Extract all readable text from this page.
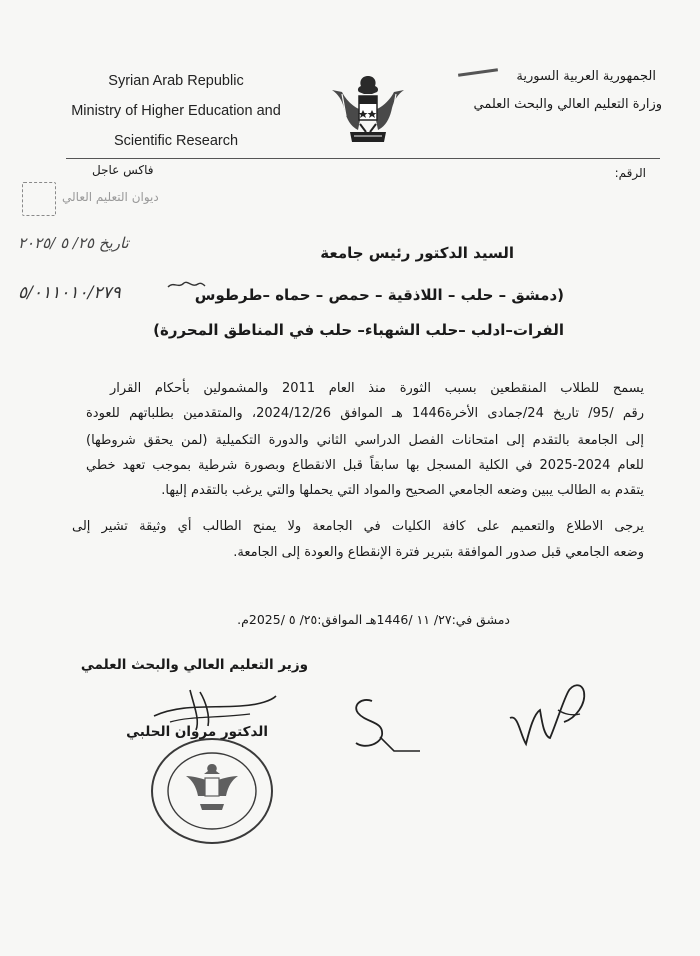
Syrian Arab Republic
Ministry of Higher Education and
Scientific Research
الجمهورية العربية السورية
وزارة التعليم العالي والبحث العلمي
الرقم:
فاكس عاجل
ديوان التعليم العالي
تاريخ ٢٥/ ٥ /٢٠٢٥
٥/٠١١٠١٠/٢٧٩
السيد الدكتور رئيس جامعة
(دمشق – حلب – اللاذقية – حمص – حماه –طرطوس
الفرات–ادلب –حلب الشهباء– حلب في المناطق المحررة)
يسمح للطلاب المنقطعين بسبب الثورة منذ العام 2011 والمشمولين بأحكام القرار
رقم /95/ تاريخ 24/جمادى الأخرة1446 هـ الموافق 2024/12/26، والمتقدمين بطلباتهم للعودة
إلى الجامعة بالتقدم إلى امتحانات الفصل الدراسي الثاني والدورة التكميلية (لمن يحقق شروطها)
للعام 2024-2025 في الكلية المسجل بها سابقاً قبل الانقطاع وبصورة شرطية بموجب تعهد خطي
يتقدم به الطالب يبين وضعه الجامعي الصحيح والمواد التي يحملها والتي يرغب بالتقدم إليها.
يرجى الاطلاع والتعميم على كافة الكليات في الجامعة ولا يمنح الطالب أي وثيقة تشير إلى
وضعه الجامعي قبل صدور الموافقة بتبرير فترة الإنقطاع والعودة إلى الجامعة.
دمشق في:٢٧/ ١١ /1446هـ الموافق:٢٥/ ٥ /2025م.
وزير التعليم العالي والبحث العلمي
الدكتور مروان الحلبي
